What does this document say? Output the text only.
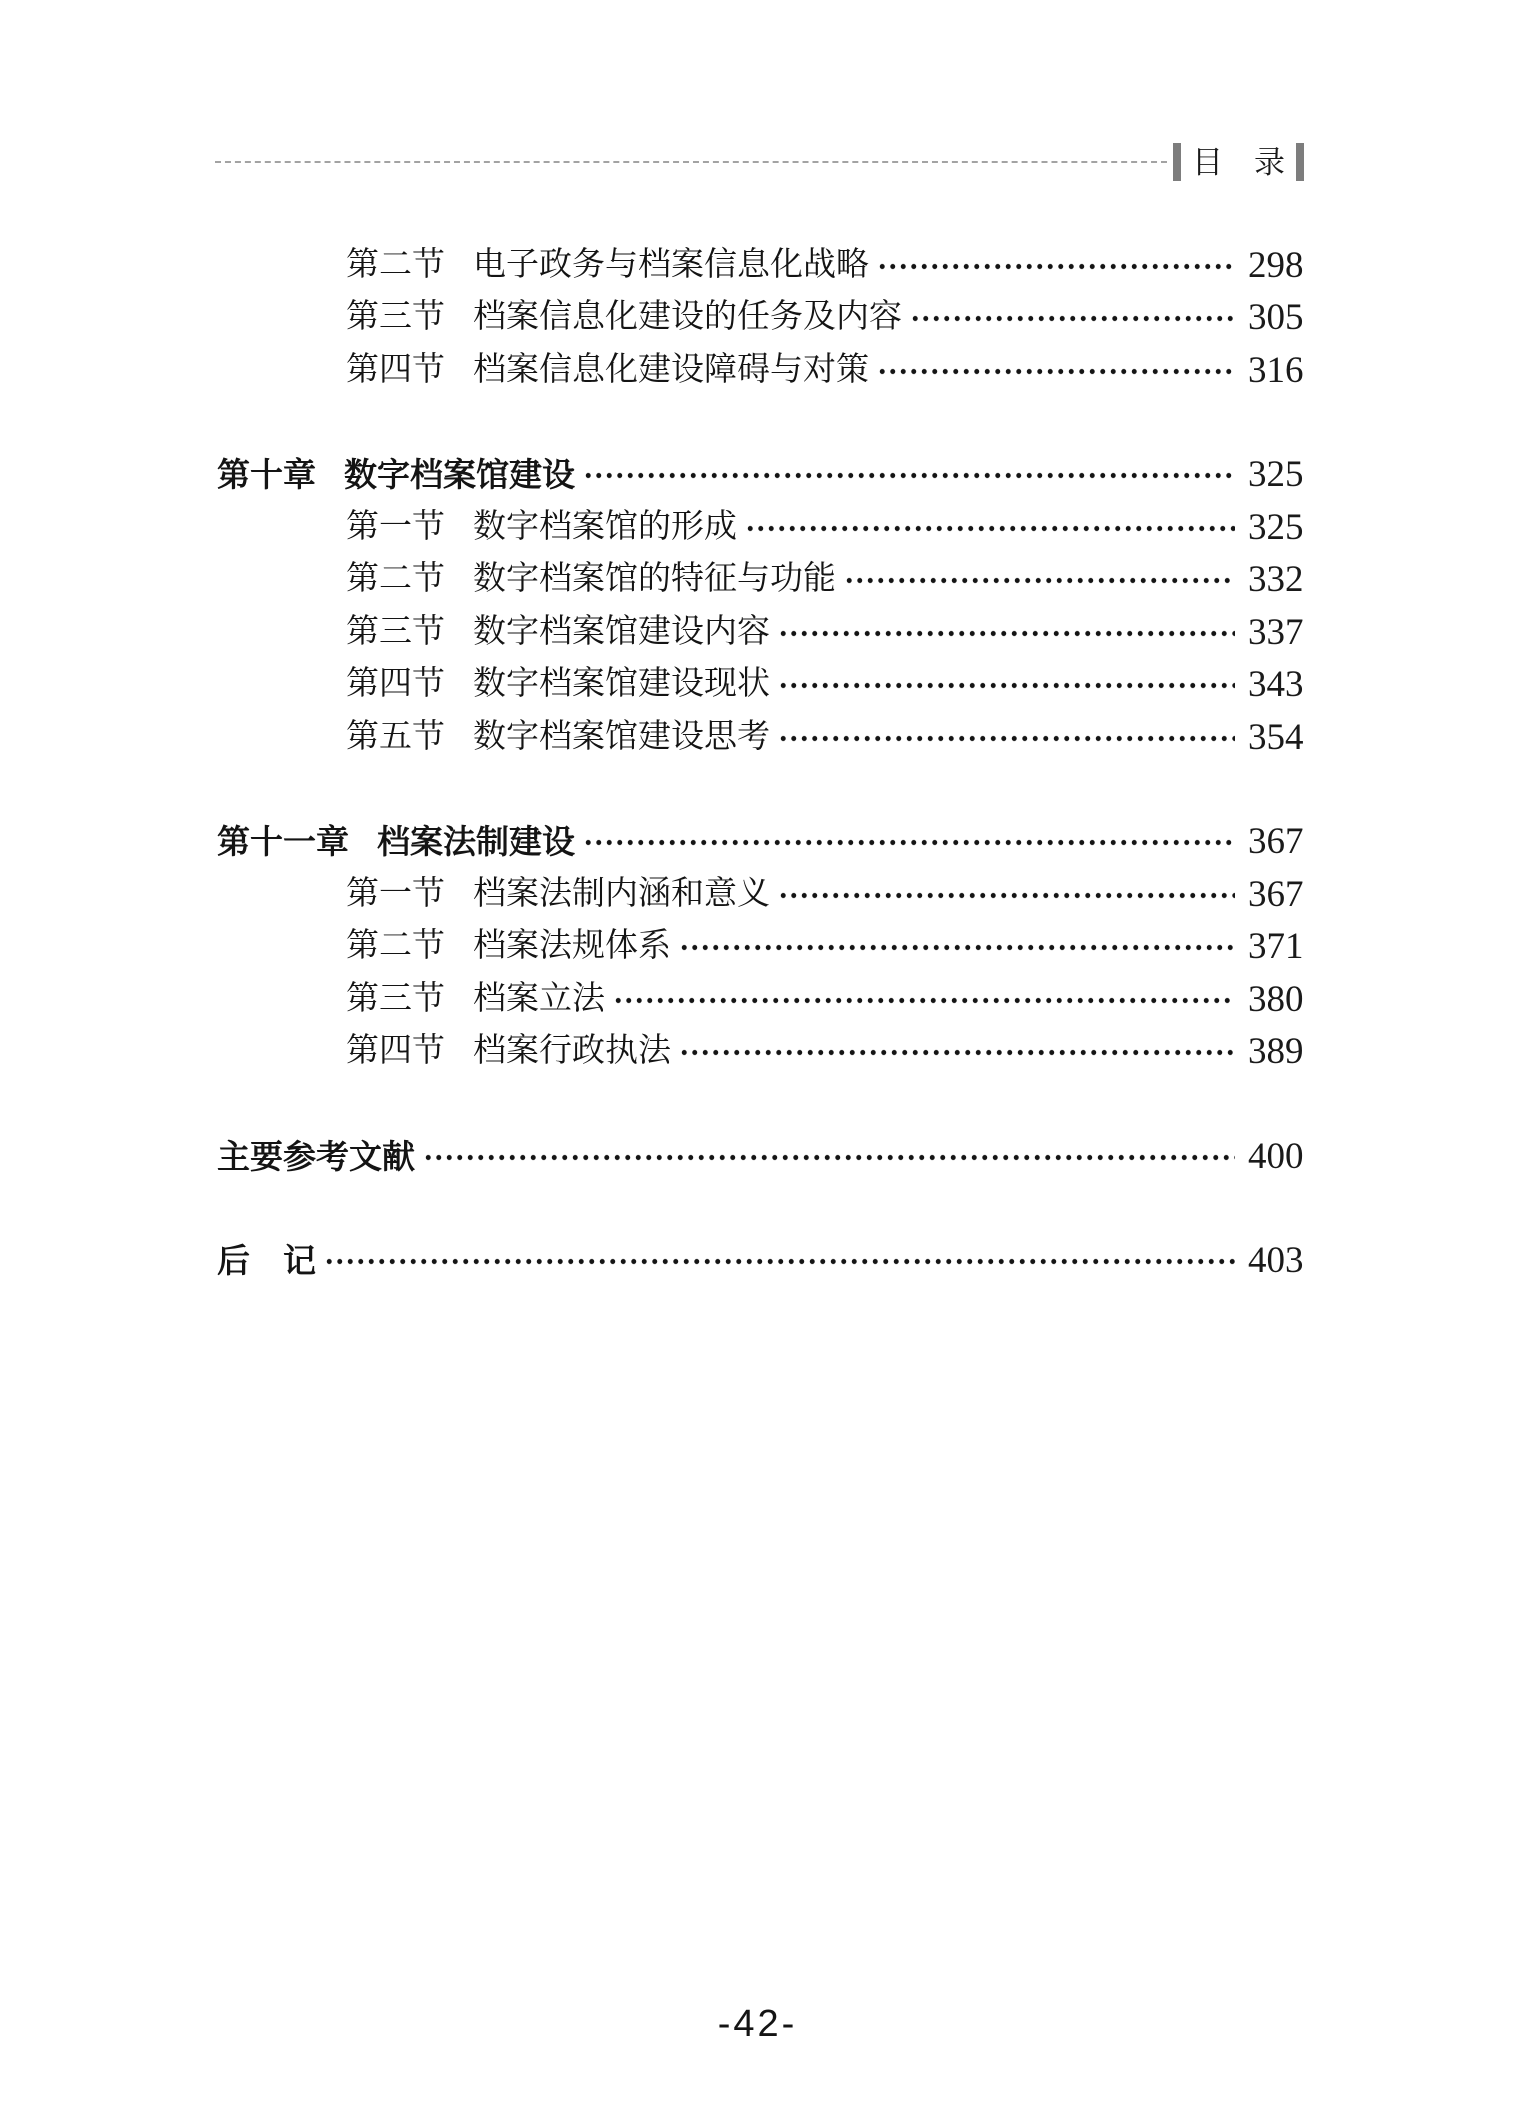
目　录
第二节 电子政务与档案信息化战略	298
第三节 档案信息化建设的任务及内容	305
第四节 档案信息化建设障碍与对策	316
第十章 数字档案馆建设	325
第一节 数字档案馆的形成	325
第二节 数字档案馆的特征与功能	332
第三节 数字档案馆建设内容	337
第四节 数字档案馆建设现状	343
第五节 数字档案馆建设思考	354
第十一章 档案法制建设	367
第一节 档案法制内涵和意义	367
第二节 档案法规体系	371
第三节 档案立法	380
第四节 档案行政执法	389
主要参考文献	400
后　记	403
-42-
